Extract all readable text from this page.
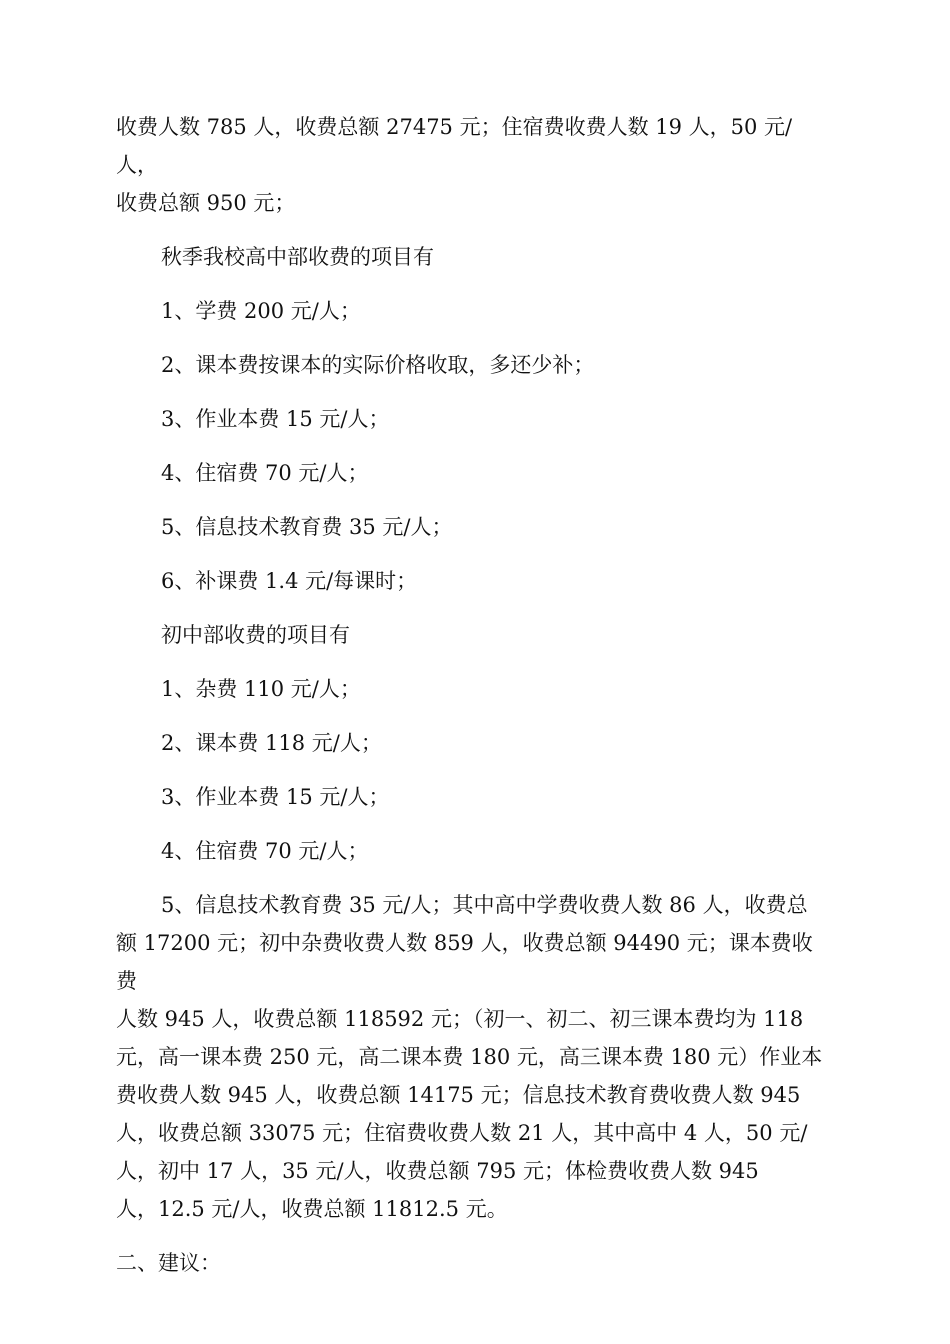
收费人数 785 人，收费总额 27475 元；住宿费收费人数 19 人，50 元/人，
收费总额 950 元；
秋季我校高中部收费的项目有
1、学费 200 元/人；
2、课本费按课本的实际价格收取，多还少补；
3、作业本费 15 元/人；
4、住宿费 70 元/人；
5、信息技术教育费 35 元/人；
6、补课费 1.4 元/每课时；
初中部收费的项目有
1、杂费 110 元/人；
2、课本费 118 元/人；
3、作业本费 15 元/人；
4、住宿费 70 元/人；
5、信息技术教育费 35 元/人；其中高中学费收费人数 86 人，收费总
额 17200 元；初中杂费收费人数 859 人，收费总额 94490 元；课本费收费
人数 945 人，收费总额 118592 元；（初一、初二、初三课本费均为 118
元，高一课本费 250 元，高二课本费 180 元，高三课本费 180 元）作业本
费收费人数 945 人，收费总额 14175 元；信息技术教育费收费人数 945
人，收费总额 33075 元；住宿费收费人数 21 人，其中高中 4 人，50 元/
人，初中 17 人，35 元/人，收费总额 795 元；体检费收费人数 945
人，12.5 元/人，收费总额 11812.5 元。
二、建议：
